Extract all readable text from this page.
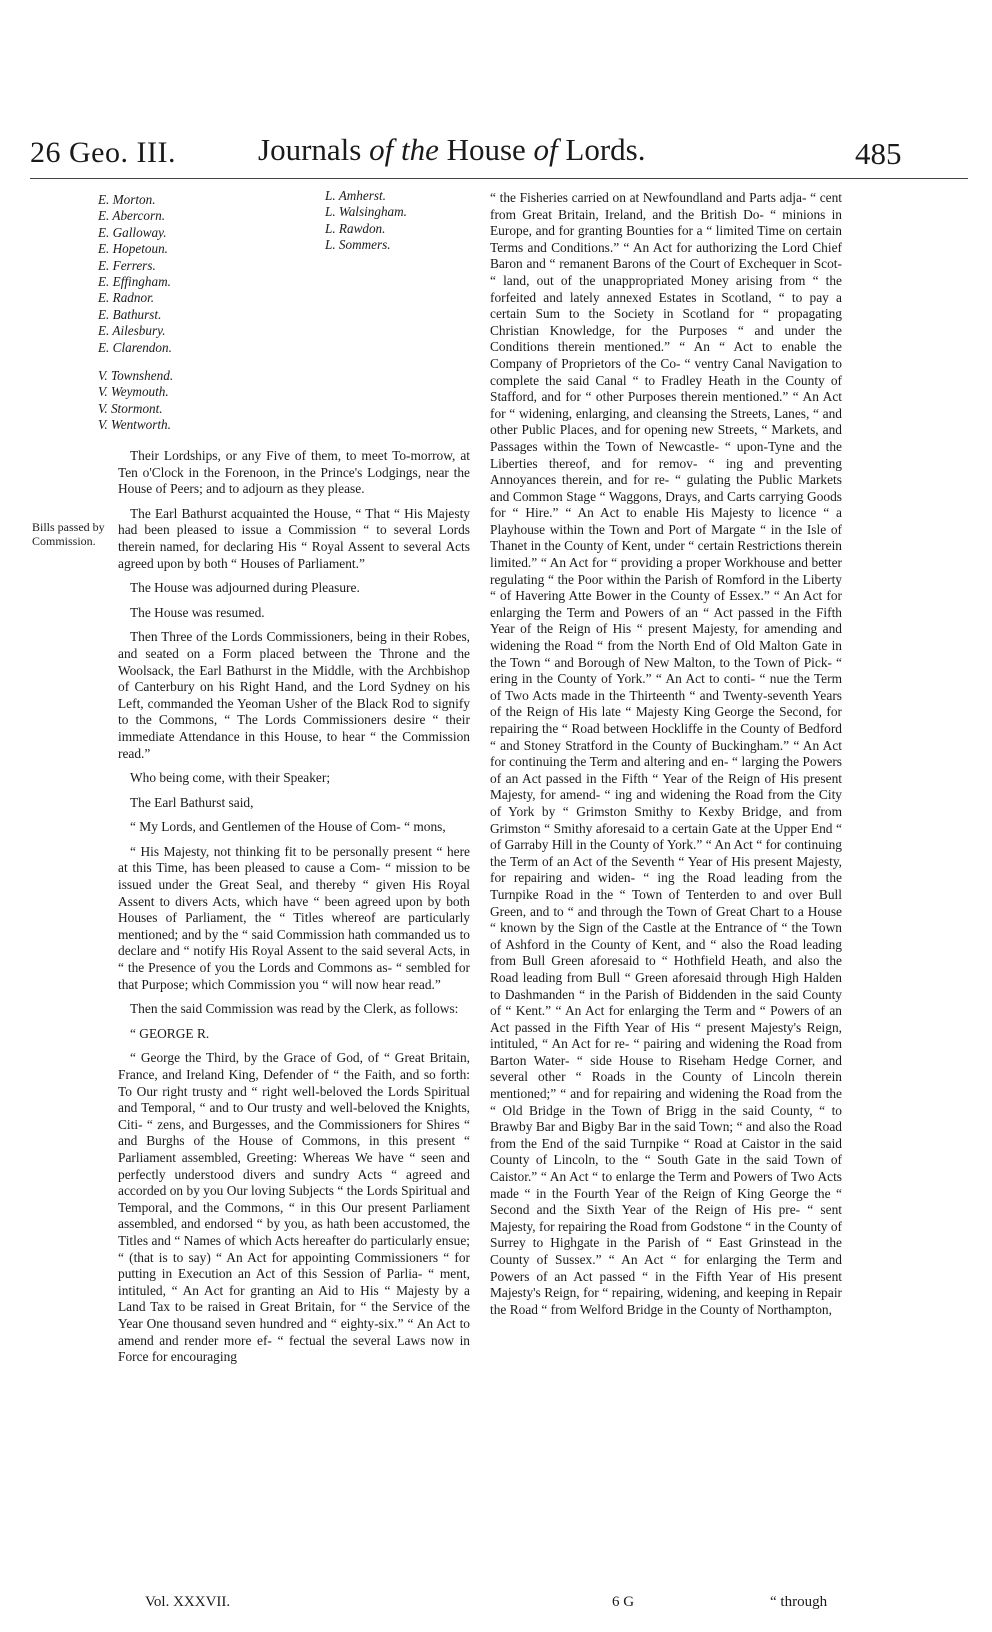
26 Geo. III.	Journals of the House of Lords.	485
E. Morton.
E. Abercorn.
E. Galloway.
E. Hopetoun.
E. Ferrers.
E. Effingham.
E. Radnor.
E. Bathurst.
E. Ailesbury.
E. Clarendon.
V. Townshend.
V. Weymouth.
V. Stormont.
V. Wentworth.
L. Amherst.
L. Walsingham.
L. Rawdon.
L. Sommers.
Bills passed by Commission.

Their Lordships, or any Five of them, to meet To-morrow, at Ten o'Clock in the Forenoon, in the Prince's Lodgings, near the House of Peers; and to adjourn as they please.

The Earl Bathurst acquainted the House, “ That “ His Majesty had been pleased to issue a Commission “ to several Lords therein named, for declaring His “ Royal Assent to several Acts agreed upon by both “ Houses of Parliament.”

The House was adjourned during Pleasure.

The House was resumed.

Then Three of the Lords Commissioners, being in their Robes, and seated on a Form placed between the Throne and the Woolsack, the Earl Bathurst in the Middle, with the Archbishop of Canterbury on his Right Hand, and the Lord Sydney on his Left, commanded the Yeoman Usher of the Black Rod to signify to the Commons, “ The Lords Commissioners desire “ their immediate Attendance in this House, to hear “ the Commission read.”

Who being come, with their Speaker;

The Earl Bathurst said,

“ My Lords, and Gentlemen of the House of Com- “ mons,

“ His Majesty, not thinking fit to be personally present “ here at this Time, has been pleased to cause a Com- “ mission to be issued under the Great Seal, and thereby “ given His Royal Assent to divers Acts, which have “ been agreed upon by both Houses of Parliament, the “ Titles whereof are particularly mentioned; and by the “ said Commission hath commanded us to declare and “ notify His Royal Assent to the said several Acts, in “ the Presence of you the Lords and Commons as- “ sembled for that Purpose; which Commission you “ will now hear read.”

Then the said Commission was read by the Clerk, as follows:

“ GEORGE R.

“ George the Third, by the Grace of God, of “ Great Britain, France, and Ireland King, Defender of “ the Faith, and so forth: To Our right trusty and “ right well-beloved the Lords Spiritual and Temporal, “ and to Our trusty and well-beloved the Knights, Citi- “ zens, and Burgesses, and the Commissioners for Shires “ and Burghs of the House of Commons, in this present “ Parliament assembled, Greeting: Whereas We have “ seen and perfectly understood divers and sundry Acts “ agreed and accorded on by you Our loving Subjects “ the Lords Spiritual and Temporal, and the Commons, “ in this Our present Parliament assembled, and endorsed “ by you, as hath been accustomed, the Titles and “ Names of which Acts hereafter do particularly ensue; “ (that is to say) “ An Act for appointing Commissioners “ for putting in Execution an Act of this Session of Parlia- “ ment, intituled, “ An Act for granting an Aid to His “ Majesty by a Land Tax to be raised in Great Britain, for “ the Service of the Year One thousand seven hundred and “ eighty-six.” “ An Act to amend and render more ef- “ fectual the several Laws now in Force for encouraging

“ the Fisheries carried on at Newfoundland and Parts adja- “ cent from Great Britain, Ireland, and the British Do- “ minions in Europe, and for granting Bounties for a “ limited Time on certain Terms and Conditions.” “ An Act for authorizing the Lord Chief Baron and “ remanent Barons of the Court of Exchequer in Scot- “ land, out of the unappropriated Money arising from “ the forfeited and lately annexed Estates in Scotland, “ to pay a certain Sum to the Society in Scotland for “ propagating Christian Knowledge, for the Purposes “ and under the Conditions therein mentioned.” “ An “ Act to enable the Company of Proprietors of the Co- “ ventry Canal Navigation to complete the said Canal “ to Fradley Heath in the County of Stafford, and for “ other Purposes therein mentioned.” “ An Act for “ widening, enlarging, and cleansing the Streets, Lanes, “ and other Public Places, and for opening new Streets, “ Markets, and Passages within the Town of Newcastle- “ upon-Tyne and the Liberties thereof, and for remov- “ ing and preventing Annoyances therein, and for re- “ gulating the Public Markets and Common Stage “ Waggons, Drays, and Carts carrying Goods for “ Hire.” “ An Act to enable His Majesty to licence “ a Playhouse within the Town and Port of Margate “ in the Isle of Thanet in the County of Kent, under “ certain Restrictions therein limited.” “ An Act for “ providing a proper Workhouse and better regulating “ the Poor within the Parish of Romford in the Liberty “ of Havering Atte Bower in the County of Essex.” “ An Act for enlarging the Term and Powers of an “ Act passed in the Fifth Year of the Reign of His “ present Majesty, for amending and widening the Road “ from the North End of Old Malton Gate in the Town “ and Borough of New Malton, to the Town of Pick- “ ering in the County of York.” “ An Act to conti- “ nue the Term of Two Acts made in the Thirteenth “ and Twenty-seventh Years of the Reign of His late “ Majesty King George the Second, for repairing the “ Road between Hockliffe in the County of Bedford “ and Stoney Stratford in the County of Buckingham.” “ An Act for continuing the Term and altering and en- “ larging the Powers of an Act passed in the Fifth “ Year of the Reign of His present Majesty, for amend- “ ing and widening the Road from the City of York by “ Grimston Smithy to Kexby Bridge, and from Grimston “ Smithy aforesaid to a certain Gate at the Upper End “ of Garraby Hill in the County of York.” “ An Act “ for continuing the Term of an Act of the Seventh “ Year of His present Majesty, for repairing and widen- “ ing the Road leading from the Turnpike Road in the “ Town of Tenterden to and over Bull Green, and to “ and through the Town of Great Chart to a House “ known by the Sign of the Castle at the Entrance of “ the Town of Ashford in the County of Kent, and “ also the Road leading from Bull Green aforesaid to “ Hothfield Heath, and also the Road leading from Bull “ Green aforesaid through High Halden to Dashmanden “ in the Parish of Biddenden in the said County of “ Kent.” “ An Act for enlarging the Term and “ Powers of an Act passed in the Fifth Year of His “ present Majesty's Reign, intituled, “ An Act for re- “ pairing and widening the Road from Barton Water- “ side House to Riseham Hedge Corner, and several other “ Roads in the County of Lincoln therein mentioned;” “ and for repairing and widening the Road from the “ Old Bridge in the Town of Brigg in the said County, “ to Brawby Bar and Bigby Bar in the said Town; “ and also the Road from the End of the said Turnpike “ Road at Caistor in the said County of Lincoln, to the “ South Gate in the said Town of Caistor.” “ An Act “ to enlarge the Term and Powers of Two Acts made “ in the Fourth Year of the Reign of King George the “ Second and the Sixth Year of the Reign of His pre- “ sent Majesty, for repairing the Road from Godstone “ in the County of Surrey to Highgate in the Parish of “ East Grinstead in the County of Sussex.” “ An Act “ for enlarging the Term and Powers of an Act passed “ in the Fifth Year of His present Majesty's Reign, for “ repairing, widening, and keeping in Repair the Road “ from Welford Bridge in the County of Northampton,

Vol. XXXVII.	6 G	“ through
